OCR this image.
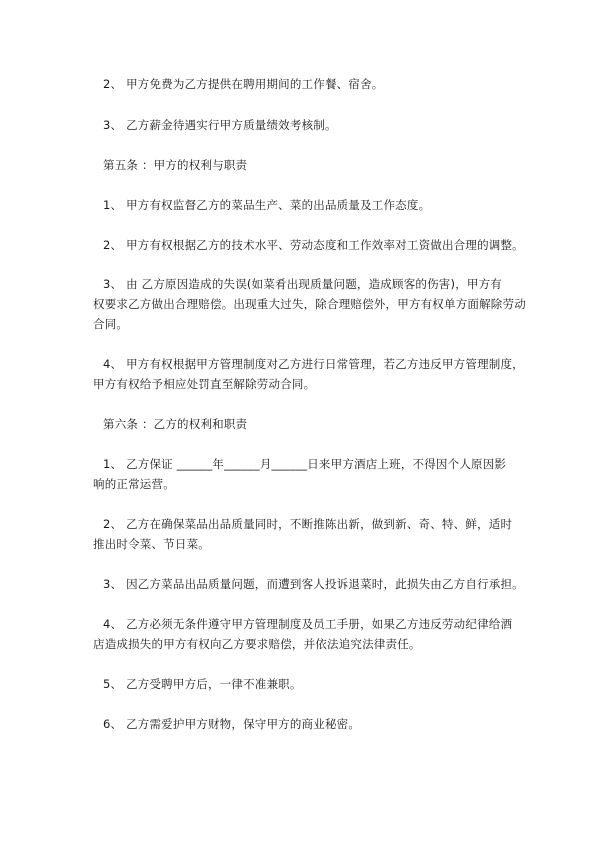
2、 甲方免费为乙方提供在聘用期间的工作餐、宿舍。

3、 乙方薪金待遇实行甲方质量绩效考核制。

第五条 ：甲方的权利与职责

1、 甲方有权监督乙方的菜品生产、菜的出品质量及工作态度。

2、 甲方有权根据乙方的技术水平、劳动态度和工作效率对工资做出合理的调整。

3、 由 乙方原因造成的失误(如菜肴出现质量问题，造成顾客的伤害)，甲方有

权要求乙方做出合理赔偿。出现重大过失，除合理赔偿外，甲方有权单方面解除劳动

合同。

4、 甲方有权根据甲方管理制度对乙方进行日常管理，若乙方违反甲方管理制度，

甲方有权给予相应处罚直至解除劳动合同。

第六条 ：乙方的权利和职责

1、 乙方保证 ______年______月______日来甲方酒店上班，不得因个人原因影

响的正常运营。

2、 乙方在确保菜品出品质量同时，不断推陈出新，做到新、奇、特、鲜，适时

推出时令菜、节日菜。

3、 因乙方菜品出品质量问题，而遭到客人投诉退菜时，此损失由乙方自行承担。

4、 乙方必须无条件遵守甲方管理制度及员工手册，如果乙方违反劳动纪律给酒

店造成损失的甲方有权向乙方要求赔偿，并依法追究法律责任。

5、 乙方受聘甲方后，一律不准兼职。

6、 乙方需爱护甲方财物，保守甲方的商业秘密。
